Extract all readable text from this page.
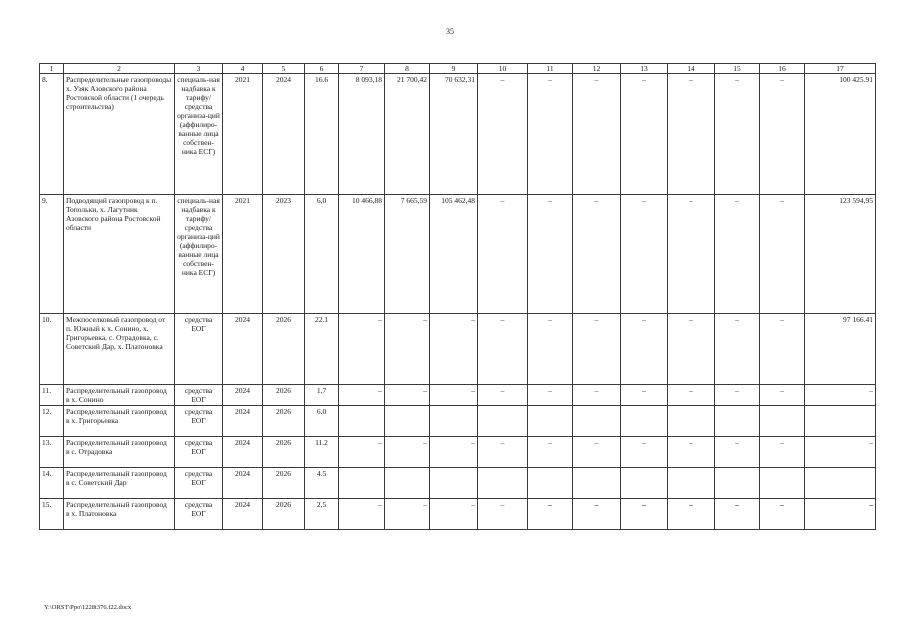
35
1	2	3	4	5	6	7	8	9	10	11	12	13	14	15	16	17
8.	Распределительные газопроводы х. Узяк Азовского района Ростовской области (1 очередь строительства)	специаль-ная надбавка к тарифу/ средства организа-ций (аффилиро-ванные лица собствен-ника ЕСГ)	2021	2024	16.6	8 093,18	21 700,42	70 632,31	–	–	–	–	–	–	–	100 425.91
9.	Подводящий газопровод к п. Топольки, х. Лагутник Азовского района Ростовской области	специаль-ная надбавка к тарифу/ средства организа-ций (аффилиро-ванные лица собствен-ника ЕСГ)	2021	2023	6,0	10 466,88	7 665,59	105 462,48	–	–	–	–	–	–	–	123 594,95
10.	Межпоселковый газопровод от п. Южный к х. Сонино, х. Григорьевка, с. Отрадовка, с. Советский Дар, х. Платоновка	средства ЕОГ	2024	2026	22.1	–	–	–	–	–	–	–	–	–	–	97 166.41
11.	Распределительный газопровод в х. Сонино	средства ЕОГ	2024	2026	1,7	–	–	–	–	–	–	–	–	–	–	–
12.	Распределительный газопровод в х. Григорьевка	средства ЕОГ	2024	2026	6.0											
13.	Распределительный газопровод в с. Отрадовка	средства ЕОГ	2024	2026	11.2	–	–	–	–	–	–	–	–	–	–	–
14.	Распределительный газопровод в с. Советский Дар	средства ЕОГ	2024	2026	4.5											
15.	Распределительный газопровод в х. Платоновка	средства ЕОГ	2024	2026	2,5	–	–	–	–	–	–	–	–	–	–	–
Y:\ORST\Ppo\1228t376.f22.docx
